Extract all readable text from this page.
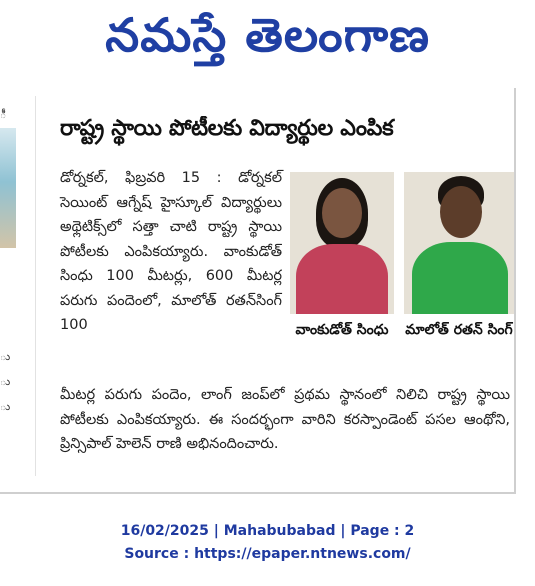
నమస్తే తెలంగాణ
ీ
ు
ు
ు
రాష్ట్ర స్థాయి పోటీలకు విద్యార్థుల ఎంపిక

డోర్నకల్, ఫిబ్రవరి 15 : డోర్నకల్ సెయింట్ ఆగ్నేష్ హైస్కూల్ విద్యార్థులు అథ్లెటిక్స్‌లో సత్తా చాటి రాష్ట్ర స్థాయి పోటీలకు ఎంపికయ్యారు. వాంకుడోత్ సింధు 100 మీటర్లు, 600 మీటర్ల పరుగు పందెంలో, మాలోత్ రతన్‌సింగ్ 100	వాంకుడోత్ సింధు	మాలోత్ రతన్ సింగ్

మీటర్ల పరుగు పందెం, లాంగ్ జంప్‌లో ప్రథమ స్థానంలో నిలిచి రాష్ట్ర స్థాయి పోటీలకు ఎంపికయ్యారు. ఈ సందర్భంగా వారిని కరస్పాండెంట్ పసల ఆంథోని, ప్రిన్సిపాల్ హెలెన్ రాణి అభినందించారు.

16/02/2025 | Mahabubabad | Page : 2
Source : https://epaper.ntnews.com/
